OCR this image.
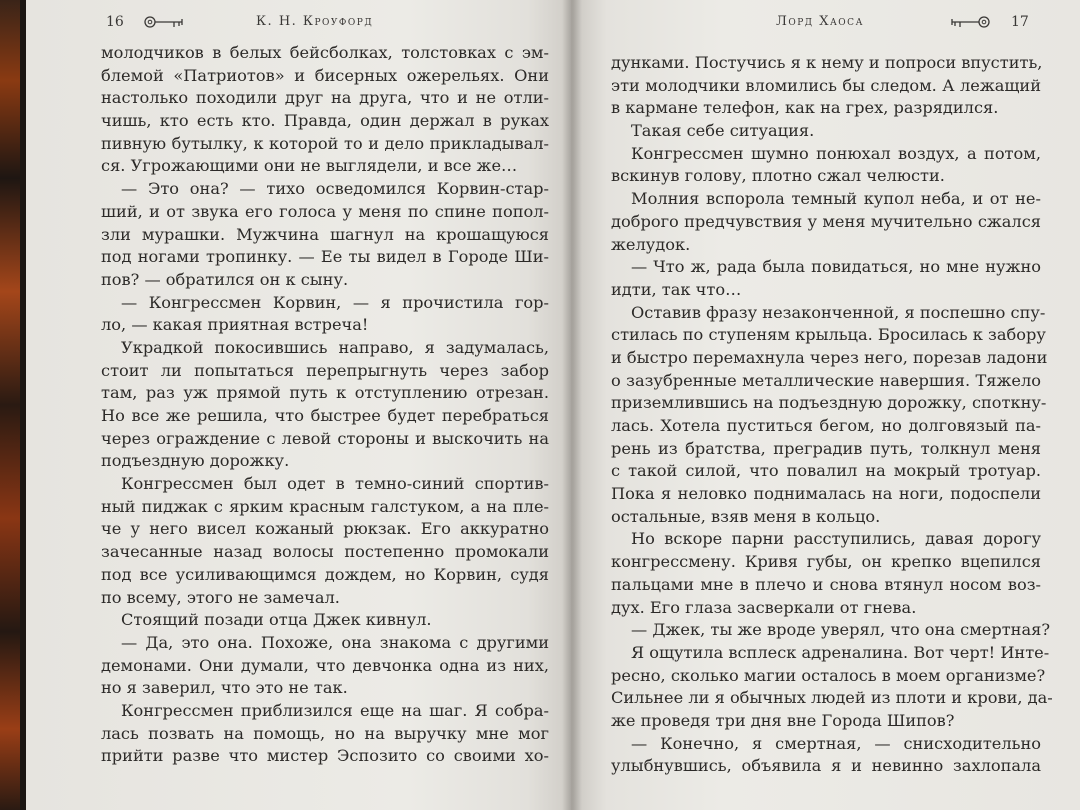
16	К. Н. Кроуфорд
молодчиков в белых бейсболках, толстовках с эм-
блемой «Патриотов» и бисерных ожерельях. Они
настолько походили друг на друга, что и не отли-
чишь, кто есть кто. Правда, один держал в руках
пивную бутылку, к которой то и дело прикладывал-
ся. Угрожающими они не выглядели, и все же…
— Это она? — тихо осведомился Корвин-стар-
ший, и от звука его голоса у меня по спине попол-
зли мурашки. Мужчина шагнул на крошащуюся
под ногами тропинку. — Ее ты видел в Городе Ши-
пов? — обратился он к сыну.
— Конгрессмен Корвин, — я прочистила гор-
ло, — какая приятная встреча!
Украдкой покосившись направо, я задумалась,
стоит ли попытаться перепрыгнуть через забор
там, раз уж прямой путь к отступлению отрезан.
Но все же решила, что быстрее будет перебраться
через ограждение с левой стороны и выскочить на
подъездную дорожку.
Конгрессмен был одет в темно-синий спортив-
ный пиджак с ярким красным галстуком, а на пле-
че у него висел кожаный рюкзак. Его аккуратно
зачесанные назад волосы постепенно промокали
под все усиливающимся дождем, но Корвин, судя
по всему, этого не замечал.
Стоящий позади отца Джек кивнул.
— Да, это она. Похоже, она знакома с другими
демонами. Они думали, что девчонка одна из них,
но я заверил, что это не так.
Конгрессмен приблизился еще на шаг. Я собра-
лась позвать на помощь, но на выручку мне мог
прийти разве что мистер Эспозито со своими хо-
Лорд Хаоса	17
дунками. Постучись я к нему и попроси впустить,
эти молодчики вломились бы следом. А лежащий
в кармане телефон, как на грех, разрядился.
Такая себе ситуация.
Конгрессмен шумно понюхал воздух, а потом,
вскинув голову, плотно сжал челюсти.
Молния вспорола темный купол неба, и от не-
доброго предчувствия у меня мучительно сжался
желудок.
— Что ж, рада была повидаться, но мне нужно
идти, так что…
Оставив фразу незаконченной, я поспешно спу-
стилась по ступеням крыльца. Бросилась к забору
и быстро перемахнула через него, порезав ладони
о зазубренные металлические навершия. Тяжело
приземлившись на подъездную дорожку, споткну-
лась. Хотела пуститься бегом, но долговязый па-
рень из братства, преградив путь, толкнул меня
с такой силой, что повалил на мокрый тротуар.
Пока я неловко поднималась на ноги, подоспели
остальные, взяв меня в кольцо.
Но вскоре парни расступились, давая дорогу
конгрессмену. Кривя губы, он крепко вцепился
пальцами мне в плечо и снова втянул носом воз-
дух. Его глаза засверкали от гнева.
— Джек, ты же вроде уверял, что она смертная?
Я ощутила всплеск адреналина. Вот черт! Инте-
ресно, сколько магии осталось в моем организме?
Сильнее ли я обычных людей из плоти и крови, да-
же проведя три дня вне Города Шипов?
— Конечно, я смертная, — снисходительно
улыбнувшись, объявила я и невинно захлопала
